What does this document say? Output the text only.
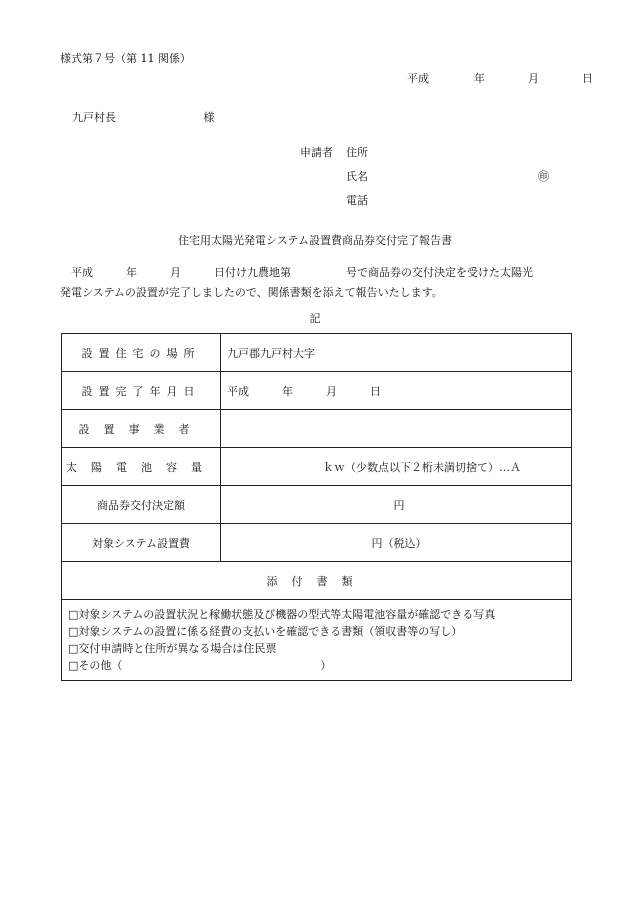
様式第７号（第 11 関係）
平成	年	月	日
九戸村長	様
申請者 住所
氏名	㊞
電話
住宅用太陽光発電システム設置費商品券交付完了報告書
平成　　　年　　　月　　　日付け九農地第　　　　　号で商品券の交付決定を受けた太陽光
発電システムの設置が完了しましたので、関係書類を添えて報告いたします。
記
設置住宅の場所	九戸郡九戸村大字
設置完了年月日	平成　　　年　　　月　　　日
設置事業者	
太陽電池容量	ｋｗ（少数点以下２桁未満切捨て）…Ａ
商品券交付決定額	円
対象システム設置費	円（税込）
添付書類	

□対象システムの設置状況と稼働状態及び機器の型式等太陽電池容量が確認できる写真
□対象システムの設置に係る経費の支払いを確認できる書類（領収書等の写し）
□交付申請時と住所が異なる場合は住民票
□その他（　　　　　　　　　　　　　　　　　　）	
